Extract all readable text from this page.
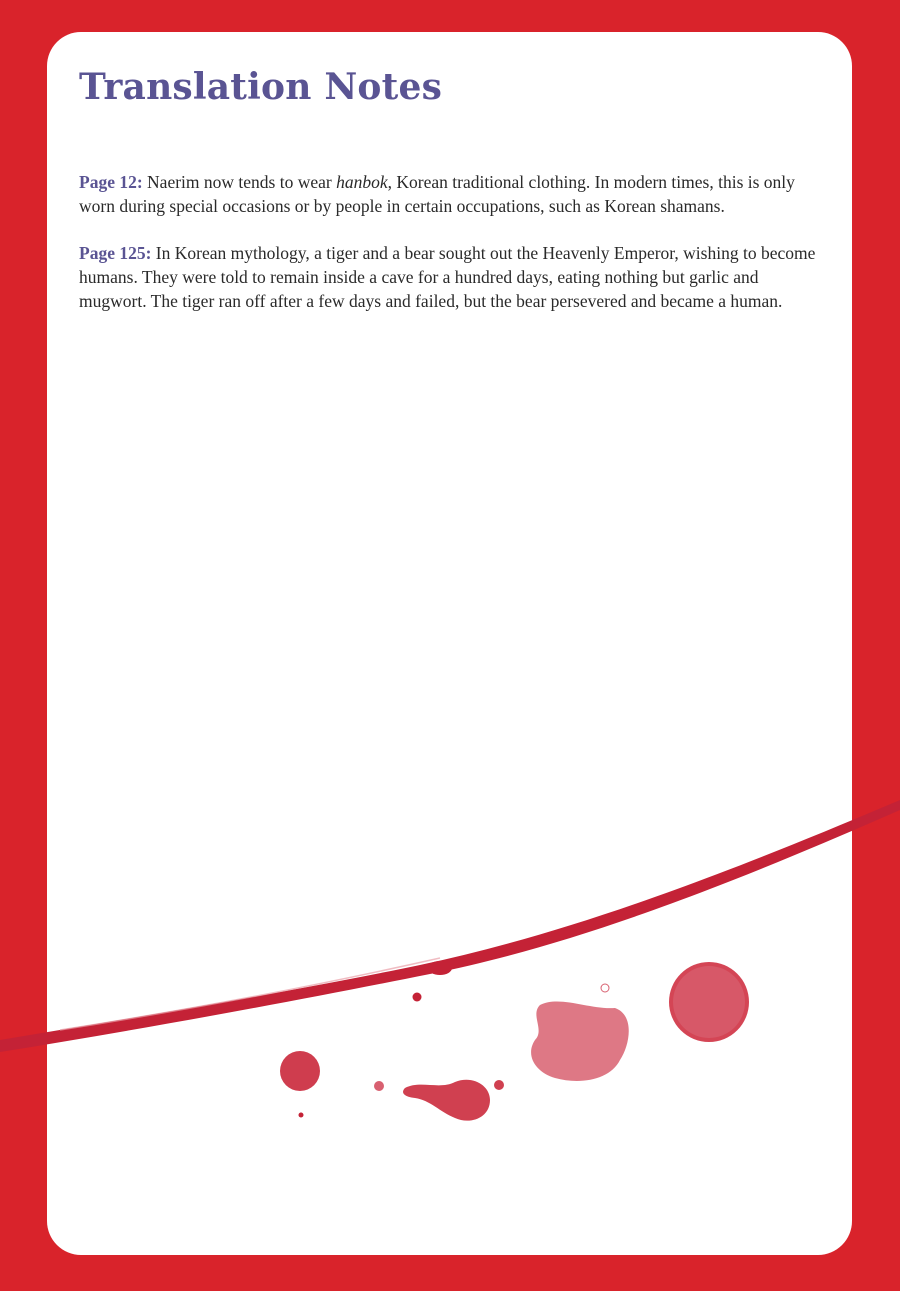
Translation Notes

Page 12: Naerim now tends to wear hanbok, Korean traditional clothing. In modern times, this is only worn during special occasions or by people in certain occupations, such as Korean shamans.

Page 125: In Korean mythology, a tiger and a bear sought out the Heavenly Emperor, wishing to become humans. They were told to remain inside a cave for a hundred days, eating nothing but garlic and mugwort. The tiger ran off after a few days and failed, but the bear persevered and became a human.
